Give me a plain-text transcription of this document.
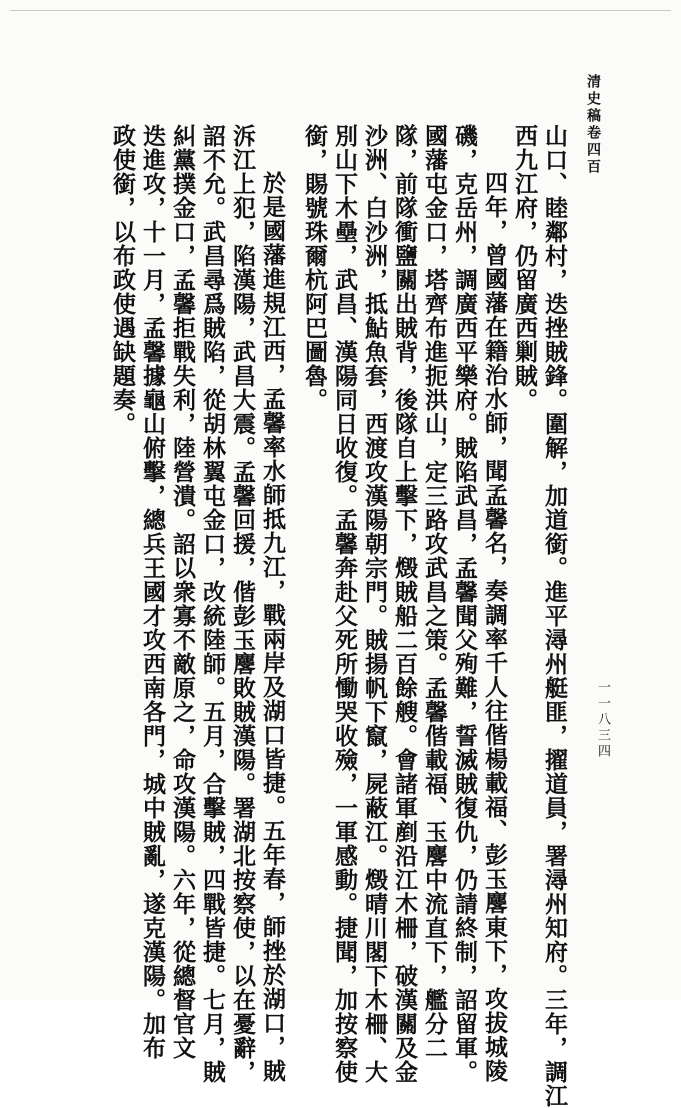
清史稿卷四百
一一八三四
山口、睦鄰村，迭挫賊鋒。圍解，加道銜。進平潯州艇匪，擢道員，署潯州知府。三年，調江
西九江府，仍留廣西剿賊。
四年，曾國藩在籍治水師，聞孟馨名，奏調率千人往偕楊載福、彭玉麐東下，攻拔城陵
磯，克岳州，調廣西平樂府。賊陷武昌，孟馨聞父殉難，誓滅賊復仇，仍請終制，詔留軍。
國藩屯金口，塔齊布進扼洪山，定三路攻武昌之策。孟馨偕載福、玉麐中流直下，艦分二
隊，前隊衝鹽關出賊背，後隊自上擊下，燬賊船二百餘艘。會諸軍剷沿江木柵，破漢關及金
沙洲、白沙洲，抵鮎魚套，西渡攻漢陽朝宗門。賊揚帆下竄，屍蔽江。燬晴川閣下木柵、大
別山下木壘，武昌、漢陽同日收復。孟馨奔赴父死所慟哭收殮，一軍感動。捷聞，加按察使
銜，賜號珠爾杭阿巴圖魯。
於是國藩進規江西，孟馨率水師抵九江，戰兩岸及湖口皆捷。五年春，師挫於湖口，賊
泝江上犯，陷漢陽，武昌大震。孟馨回援，偕彭玉麐敗賊漢陽。署湖北按察使，以在憂辭，
詔不允。武昌尋爲賊陷，從胡林翼屯金口，改統陸師。五月，合擊賊，四戰皆捷。七月，賊
糾黨撲金口，孟馨拒戰失利，陸營潰。詔以衆寡不敵原之，命攻漢陽。六年，從總督官文
迭進攻，十一月，孟馨據龜山俯擊，總兵王國才攻西南各門，城中賊亂，遂克漢陽。加布
政使銜，以布政使遇缺題奏。
